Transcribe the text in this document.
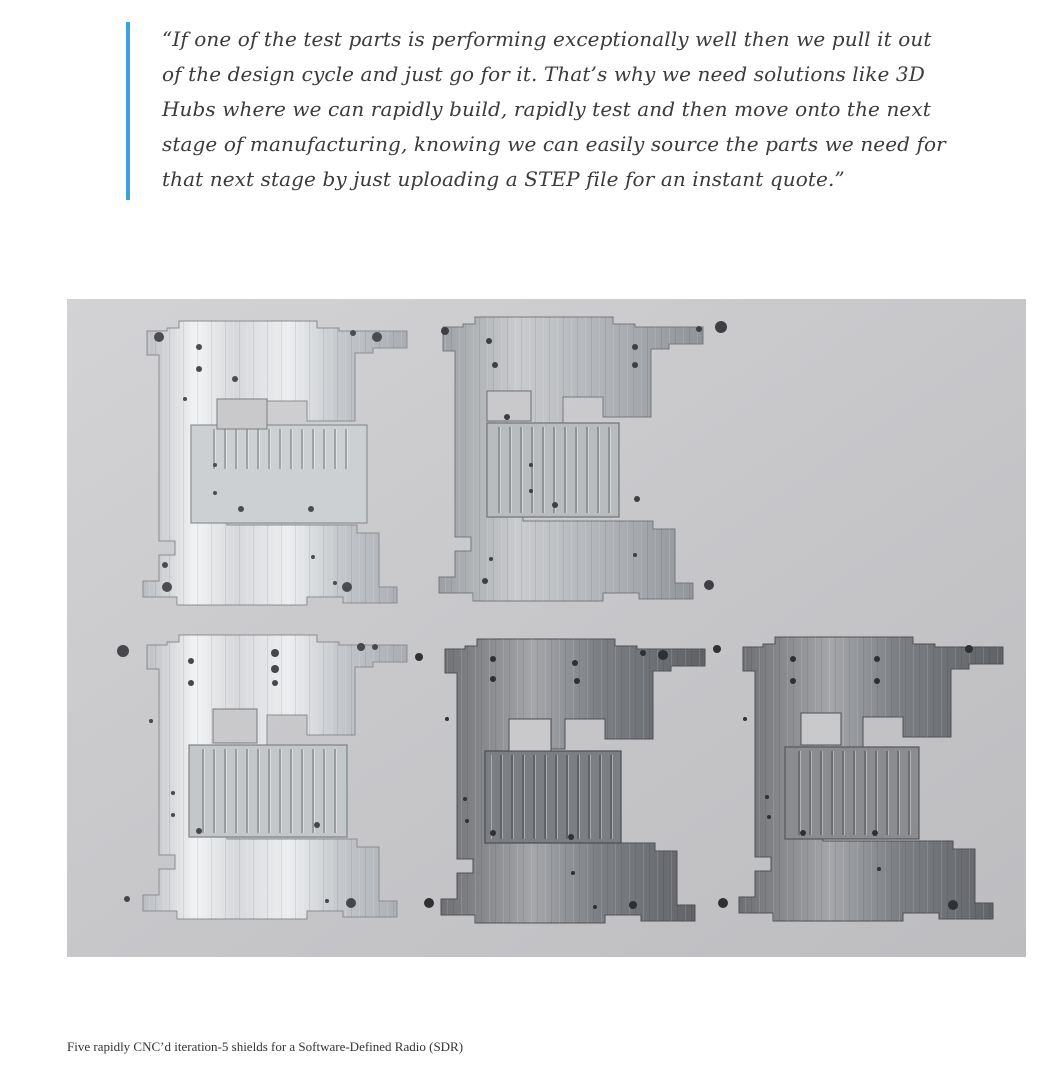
“If one of the test parts is performing exceptionally well then we pull it out of the design cycle and just go for it. That’s why we need solutions like 3D Hubs where we can rapidly build, rapidly test and then move onto the next stage of manufacturing, knowing we can easily source the parts we need for that next stage by just uploading a STEP file for an instant quote.”

Five rapidly CNC’d iteration-5 shields for a Software-Defined Radio (SDR)
